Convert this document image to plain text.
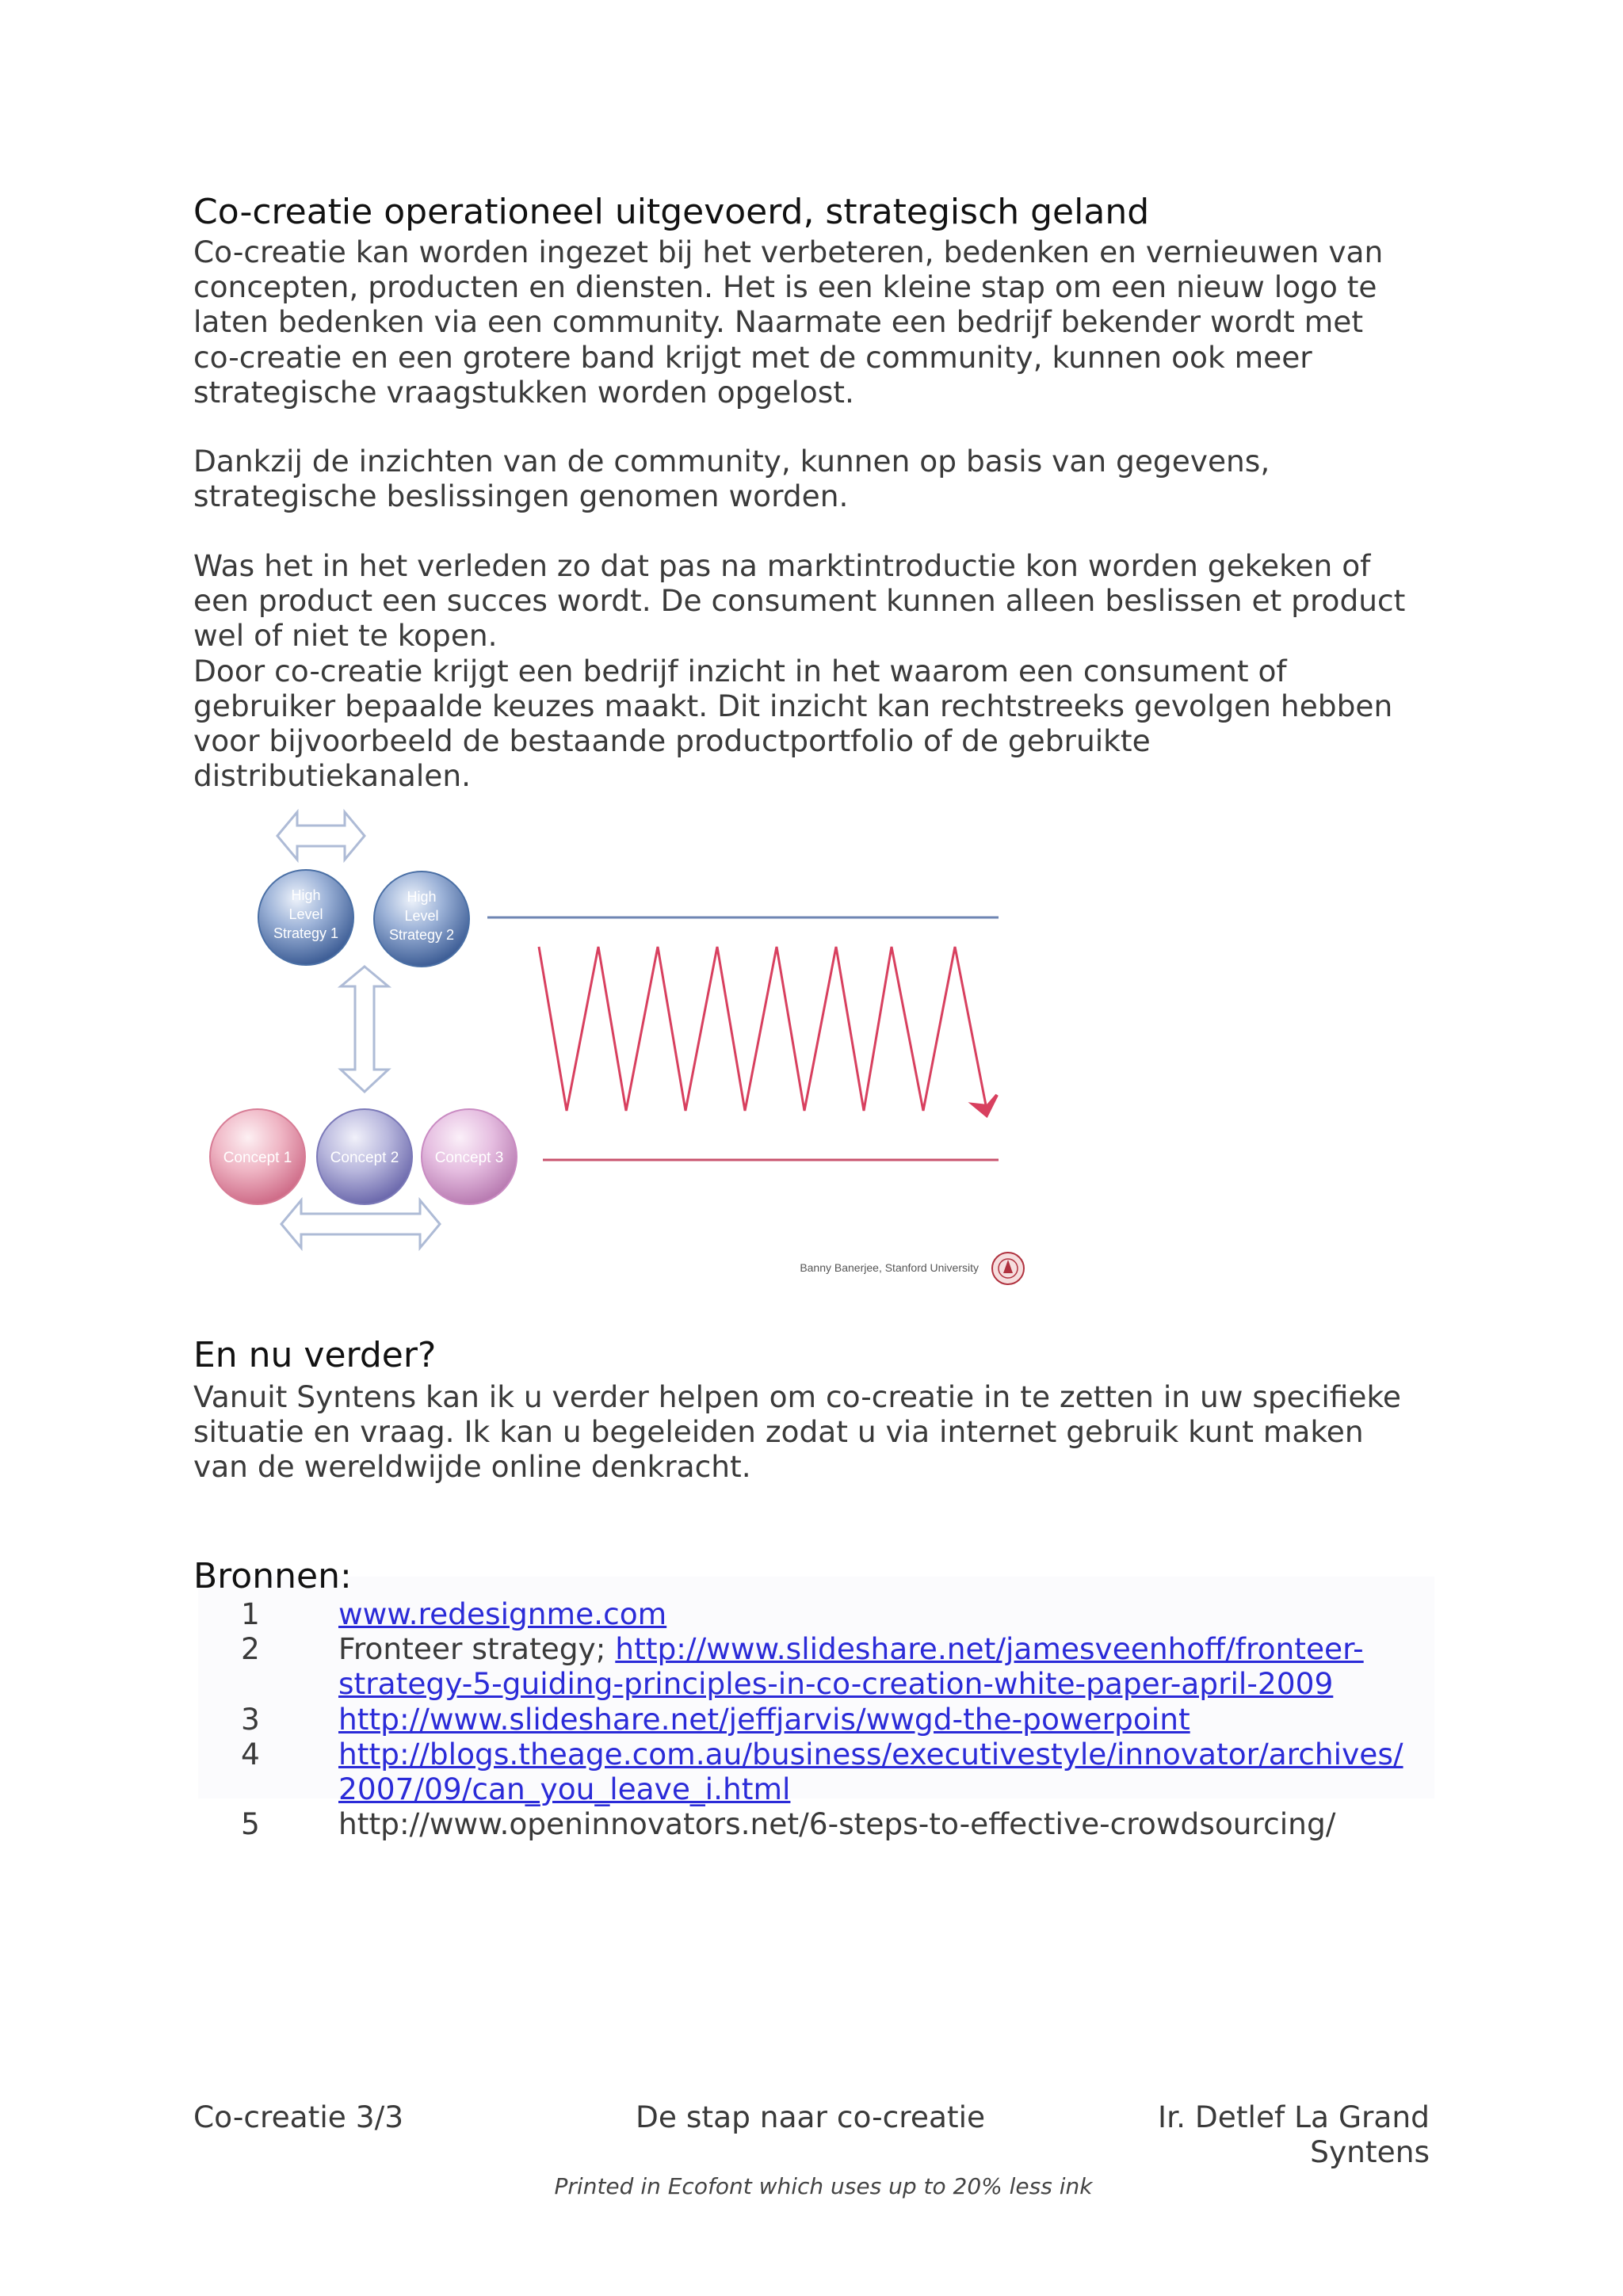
Co-creatie operationeel uitgevoerd, strategisch geland
Co-creatie kan worden ingezet bij het verbeteren, bedenken en vernieuwen van
concepten, producten en diensten. Het is een kleine stap om een nieuw logo te
laten bedenken via een community. Naarmate een bedrijf bekender wordt met
co-creatie en een grotere band krijgt met de community, kunnen ook meer
strategische vraagstukken worden opgelost.
Dankzij de inzichten van de community, kunnen op basis van gegevens,
strategische beslissingen genomen worden.
Was het in het verleden zo dat pas na marktintroductie kon worden gekeken of
een product een succes wordt. De consument kunnen alleen beslissen et product
wel of niet te kopen.
Door co-creatie krijgt een bedrijf inzicht in het waarom een consument of
gebruiker bepaalde keuzes maakt. Dit inzicht kan rechtstreeks gevolgen hebben
voor bijvoorbeeld de bestaande productportfolio of de gebruikte
distributiekanalen.
High
Level
Strategy 1
High
Level
Strategy 2
Concept 1	Concept 2 Concept 3
Banny Banerjee, Stanford University
En nu verder?
Vanuit Syntens kan ik u verder helpen om co-creatie in te zetten in uw specifieke
situatie en vraag. Ik kan u begeleiden zodat u via internet gebruik kunt maken
van de wereldwijde online denkracht.
Bronnen:
1	www.redesignme.com
2	Fronteer strategy; http://www.slideshare.net/jamesveenhoff/fronteer-
strategy-5-guiding-principles-in-co-creation-white-paper-april-2009
3	http://www.slideshare.net/jeffjarvis/wwgd-the-powerpoint
4	http://blogs.theage.com.au/business/executivestyle/innovator/archives/
2007/09/can_you_leave_i.html
5	http://www.openinnovators.net/6-steps-to-effective-crowdsourcing/
Co-creatie 3/3	De stap naar co-creatie	Ir. Detlef La Grand
Syntens
Printed in Ecofont which uses up to 20% less ink
